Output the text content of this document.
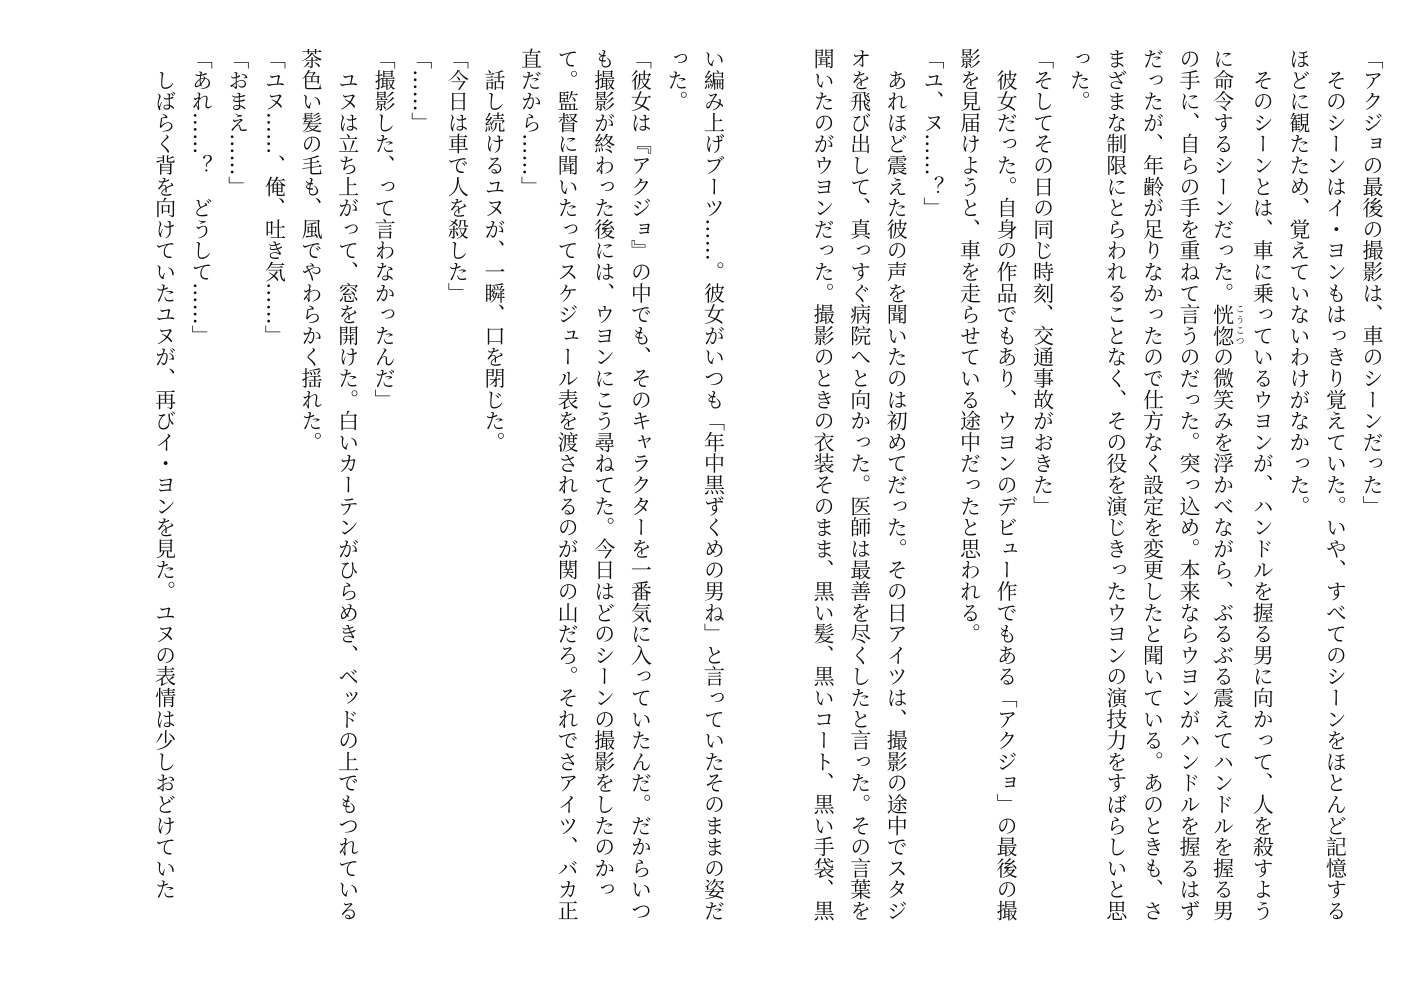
「アクジョの最後の撮影は、車のシーンだった」
　そのシーンはイ・ヨンもはっきり覚えていた。いや、すべてのシーンをほとんど記憶する
ほどに観たため、覚えていないわけがなかった。
　そのシーンとは、車に乗っているウヨンが、ハンドルを握る男に向かって、人を殺すよう
に命令するシーンだった。恍惚 こうこつの微笑みを浮かべながら、ぶるぶる震えてハンドルを握る男
の手に、自らの手を重ねて言うのだった。突っ込め。本来ならウヨンがハンドルを握るはず
だったが、年齢が足りなかったので仕方なく設定を変更したと聞いている。あのときも、さ
まざまな制限にとらわれることなく、その役を演じきったウヨンの演技力をすばらしいと思
った。
「そしてその日の同じ時刻、交通事故がおきた」
　彼女だった。自身の作品でもあり、ウヨンのデビュー作でもある「アクジョ」の最後の撮
影を見届けようと、車を走らせている途中だったと思われる。
「ユ、ヌ……？」
　あれほど震えた彼の声を聞いたのは初めてだった。その日アイツは、撮影の途中でスタジ
オを飛び出して、真っすぐ病院へと向かった。医師は最善を尽くしたと言った。その言葉を
聞いたのがウヨンだった。撮影のときの衣装そのまま、黒い髪、黒いコート、黒い手袋、黒
い編み上げブーツ……。彼女がいつも「年中黒ずくめの男ね」と言っていたそのままの姿だ
った。
「彼女は『アクジョ』の中でも、そのキャラクターを一番気に入っていたんだ。だからいつ
も撮影が終わった後には、ウヨンにこう尋ねてた。今日はどのシーンの撮影をしたのかっ
て。監督に聞いたってスケジュール表を渡されるのが関の山だろ。それでさアイツ、バカ正
直だから……」
　話し続けるユヌが、一瞬、口を閉じた。
「今日は車で人を殺した」
「……」
「撮影した、って言わなかったんだ」
　ユヌは立ち上がって、窓を開けた。白いカーテンがひらめき、ベッドの上でもつれている
茶色い髪の毛も、風でやわらかく揺れた。
「ユヌ……、俺、吐き気……」
「おまえ……」
「あれ……？　どうして……」
　しばらく背を向けていたユヌが、再びイ・ヨンを見た。ユヌの表情は少しおどけていた
